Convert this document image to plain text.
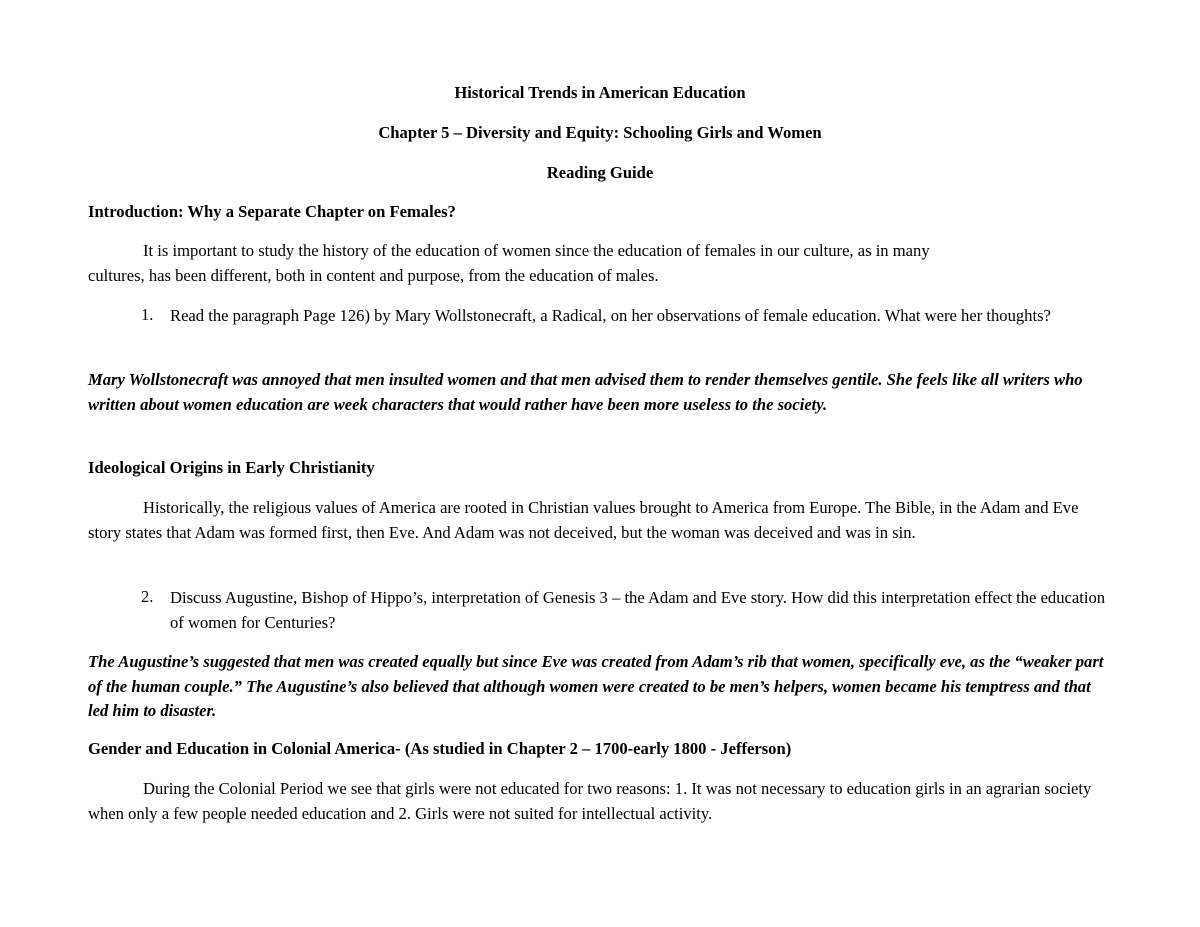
Historical Trends in American Education
Chapter 5 – Diversity and Equity: Schooling Girls and Women
Reading Guide
Introduction: Why a Separate Chapter on Females?
It is important to study the history of the education of women since the education of females in our culture, as in many
cultures, has been different, both in content and purpose, from the education of males.
1. Read the paragraph Page 126) by Mary Wollstonecraft, a Radical, on her observations of female education. What were her thoughts?
Mary Wollstonecraft was annoyed that men insulted women and that men advised them to render themselves gentile. She feels like all writers who written about women education are week characters that would rather have been more useless to the society.
Ideological Origins in Early Christianity
Historically, the religious values of America are rooted in Christian values brought to America from Europe. The Bible, in the Adam and Eve story states that Adam was formed first, then Eve. And Adam was not deceived, but the woman was deceived and was in sin.
2. Discuss Augustine, Bishop of Hippo’s, interpretation of Genesis 3 – the Adam and Eve story. How did this interpretation effect the education of women for Centuries?
The Augustine’s suggested that men was created equally but since Eve was created from Adam’s rib that women, specifically eve, as the “weaker part of the human couple.” The Augustine’s also believed that although women were created to be men’s helpers, women became his temptress and that led him to disaster.
Gender and Education in Colonial America- (As studied in Chapter 2 – 1700-early 1800 - Jefferson)
During the Colonial Period we see that girls were not educated for two reasons: 1. It was not necessary to education girls in an agrarian society when only a few people needed education and 2. Girls were not suited for intellectual activity.
